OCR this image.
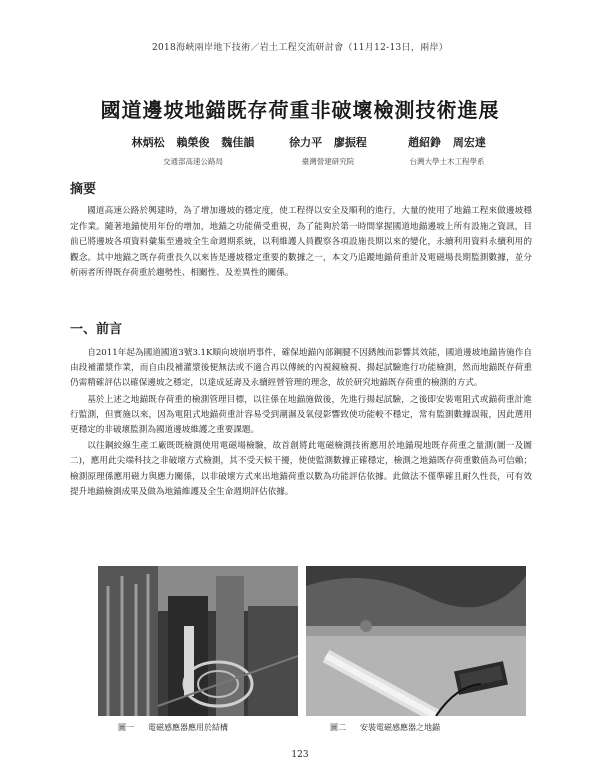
2018海峽兩岸地下技術／岩土工程交流研討會（11月12-13日，兩岸）
國道邊坡地錨既存荷重非破壞檢測技術進展
林炳松 賴榮俊 魏佳韻
交通部高速公路局
徐力平 廖振程
臺灣營建研究院
趙紹錚 周宏達
台灣大學土木工程學系
摘要
國道高速公路於興建時，為了增加邊坡的穩定度，使工程得以安全及順利的進行，大量的使用了地錨工程來做邊坡穩定作業。隨著地錨使用年份的增加，地錨之功能備受重視，為了能夠於第一時間掌握國道地錨邊坡上所有設施之資訊，目前已將邊坡各項資料彙集至邊坡全生命週期系統，以利維護人員觀察各項設施長期以來的變化，永續利用資料永續利用的觀念。其中地錨之既存荷重長久以來皆是邊坡穩定重要的數據之一，本文乃追蹤地錨荷重計及電磁場長期監測數據，並分析兩者所得既存荷重於趨勢性、相關性、及差異性的關係。
一、前言

自2011年起為國道國道3號3.1K順向坡崩坍事件，確保地錨內部鋼腱不因銹蝕而影響其效能，國道邊坡地錨皆施作自由段補灌漿作業，而自由段補灌漿後便無法或不適合再以傳統的內視鏡檢視、揚起試驗進行功能檢測，然而地錨既存荷重仍需精確評估以確保邊坡之穩定，以達成延壽及永續經營管理的理念，故於研究地錨既存荷重的檢測的方式。

基於上述之地錨既存荷重的檢測管理目標，以往係在地錨施做後，先進行揚起試驗，之後即安裝電阻式或錨荷重計進行監測，但實施以來，因為電阻式地錨荷重計容易受到潮濕及氧侵影響致使功能較不穩定，常有監測數據誤報，因此選用更穩定的非破壞監測為國道邊坡維護之重要課題。

以往鋼絞線生產工廠既既檢測使用電磁場檢驗，故首創將此電磁檢測技術應用於地錨現地既存荷重之量測(圖一及圖二)，應用此尖端科技之非破壞方式檢測，其不受天候干擾，使使監測數據正確穩定，檢測之地錨既存荷重數值為可信賴；檢測原理係應用磁力與應力關係，以非破壞方式來出地錨荷重以數為功能評估依據。此做法不僅準確且耐久性長，可有效提升地錨檢測成果及做為地錨維護及全生命週期評估依據。

圖一 電磁感應器應用於結構	圖二 安裝電磁感應器之地錨
123
